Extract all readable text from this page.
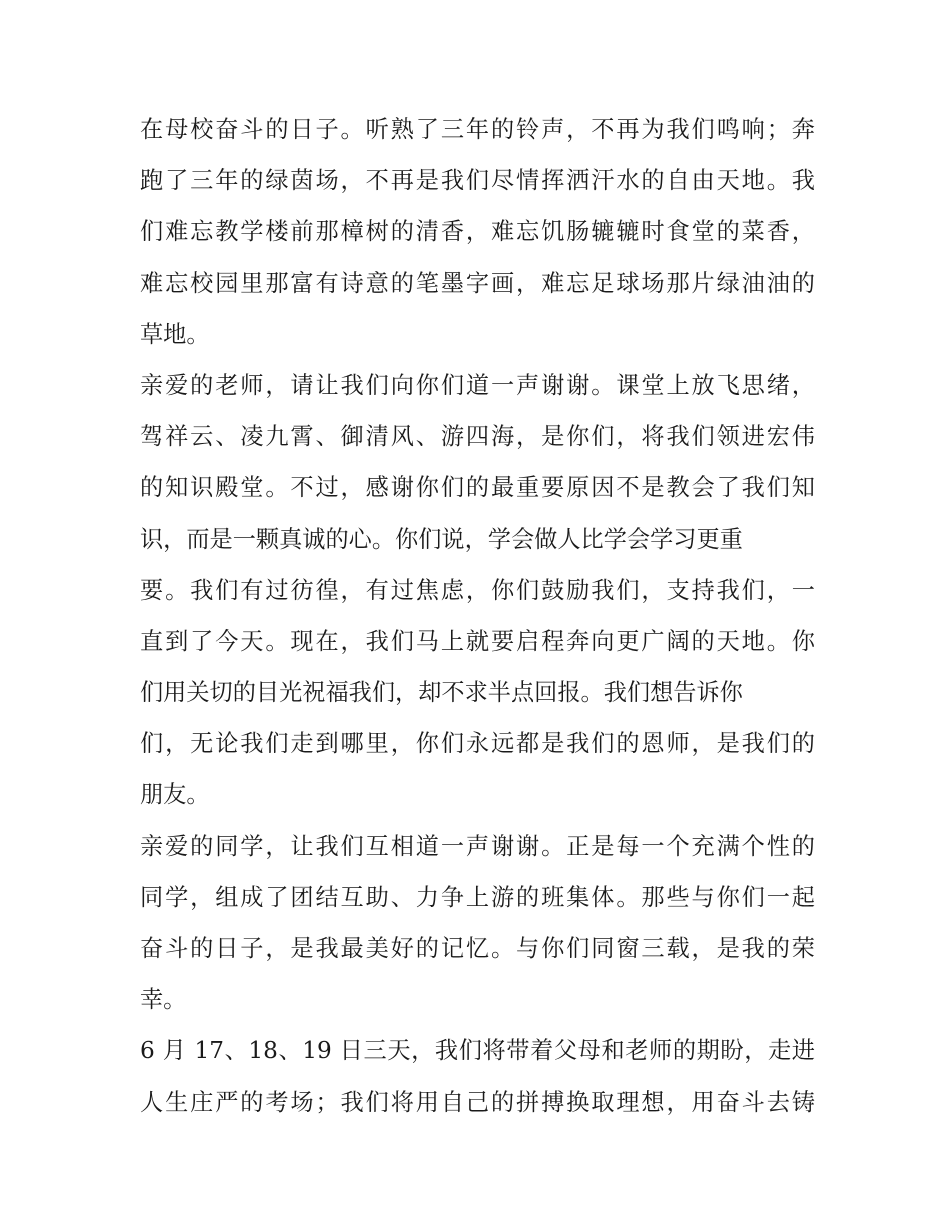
在母校奋斗的日子。听熟了三年的铃声，不再为我们鸣响；奔
跑了三年的绿茵场，不再是我们尽情挥洒汗水的自由天地。我
们难忘教学楼前那樟树的清香，难忘饥肠辘辘时食堂的菜香，
难忘校园里那富有诗意的笔墨字画，难忘足球场那片绿油油的
草地。
亲爱的老师，请让我们向你们道一声谢谢。课堂上放飞思绪，
驾祥云、凌九霄、御清风、游四海，是你们，将我们领进宏伟
的知识殿堂。不过，感谢你们的最重要原因不是教会了我们知
识，而是一颗真诚的心。你们说，学会做人比学会学习更重
要。我们有过彷徨，有过焦虑，你们鼓励我们，支持我们，一
直到了今天。现在，我们马上就要启程奔向更广阔的天地。你
们用关切的目光祝福我们，却不求半点回报。我们想告诉你
们，无论我们走到哪里，你们永远都是我们的恩师，是我们的
朋友。
亲爱的同学，让我们互相道一声谢谢。正是每一个充满个性的
同学，组成了团结互助、力争上游的班集体。那些与你们一起
奋斗的日子，是我最美好的记忆。与你们同窗三载，是我的荣
幸。
6 月 17、18、19 日三天，我们将带着父母和老师的期盼，走进
人生庄严的考场；我们将用自己的拼搏换取理想，用奋斗去铸
